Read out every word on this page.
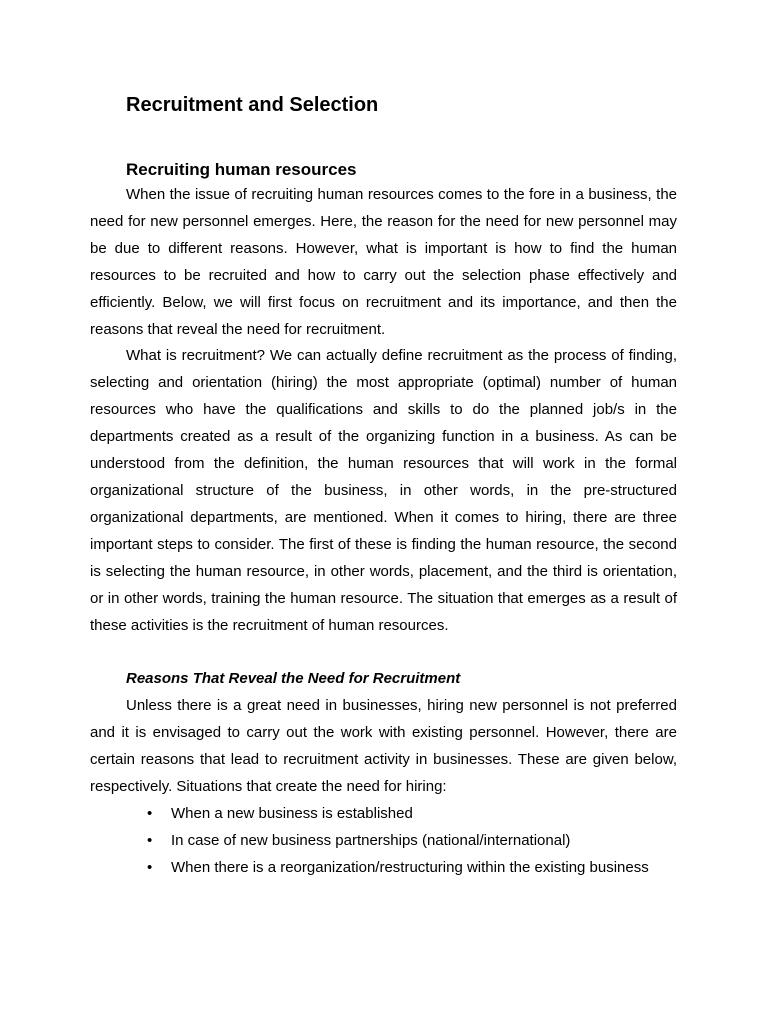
Recruitment and Selection
Recruiting human resources

When the issue of recruiting human resources comes to the fore in a business, the need for new personnel emerges. Here, the reason for the need for new personnel may be due to different reasons. However, what is important is how to find the human resources to be recruited and how to carry out the selection phase effectively and efficiently. Below, we will first focus on recruitment and its importance, and then the reasons that reveal the need for recruitment.

What is recruitment? We can actually define recruitment as the process of finding, selecting and orientation (hiring) the most appropriate (optimal) number of human resources who have the qualifications and skills to do the planned job/s in the departments created as a result of the organizing function in a business. As can be understood from the definition, the human resources that will work in the formal organizational structure of the business, in other words, in the pre-structured organizational departments, are mentioned. When it comes to hiring, there are three important steps to consider. The first of these is finding the human resource, the second is selecting the human resource, in other words, placement, and the third is orientation, or in other words, training the human resource. The situation that emerges as a result of these activities is the recruitment of human resources.

Reasons That Reveal the Need for Recruitment

Unless there is a great need in businesses, hiring new personnel is not preferred and it is envisaged to carry out the work with existing personnel. However, there are certain reasons that lead to recruitment activity in businesses. These are given below, respectively. Situations that create the need for hiring:

• When a new business is established
• In case of new business partnerships (national/international)
• When there is a reorganization/restructuring within the existing business
